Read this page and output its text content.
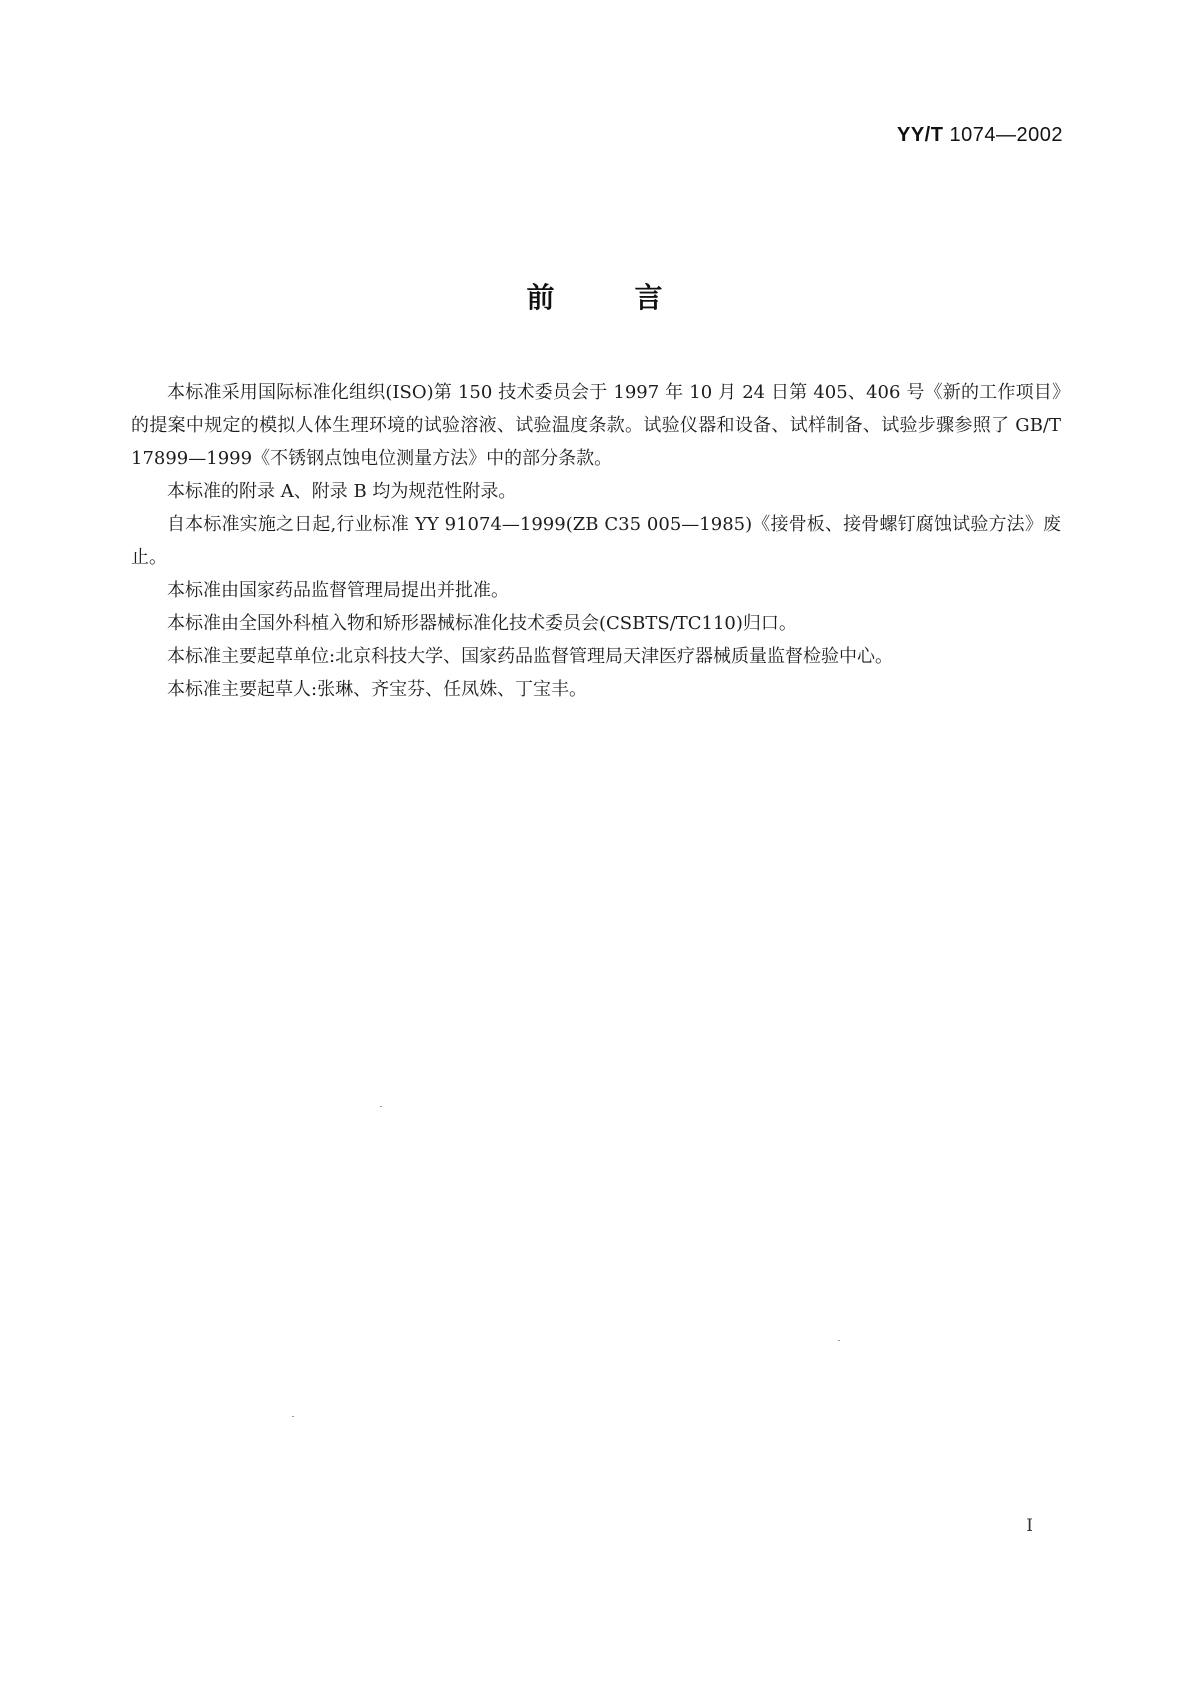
YY/T 1074—2002
前	言

本标准采用国际标准化组织(ISO)第 150 技术委员会于 1997 年 10 月 24 日第 405、406 号《新的工作项目》的提案中规定的模拟人体生理环境的试验溶液、试验温度条款。试验仪器和设备、试样制备、试验步骤参照了 GB/T 17899—1999《不锈钢点蚀电位测量方法》中的部分条款。

本标准的附录 A、附录 B 均为规范性附录。

自本标准实施之日起,行业标准 YY 91074—1999(ZB C35 005—1985)《接骨板、接骨螺钉腐蚀试验方法》废止。

本标准由国家药品监督管理局提出并批准。

本标准由全国外科植入物和矫形器械标准化技术委员会(CSBTS/TC110)归口。

本标准主要起草单位:北京科技大学、国家药品监督管理局天津医疗器械质量监督检验中心。

本标准主要起草人:张琳、齐宝芬、任凤姝、丁宝丰。

I
